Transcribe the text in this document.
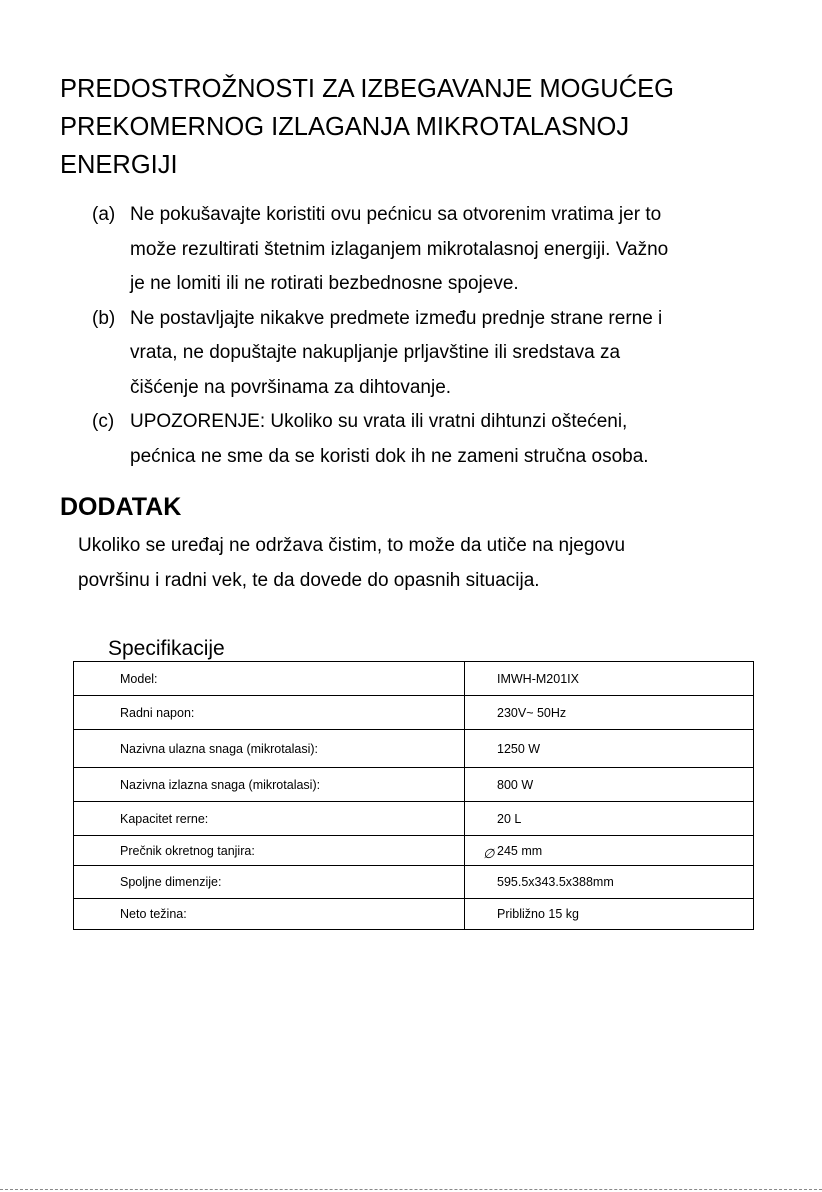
PREDOSTROŽNOSTI ZA IZBEGAVANJE MOGUĆEG
PREKOMERNOG IZLAGANJA MIKROTALASNOJ
ENERGIJI
(a) Ne pokušavajte koristiti ovu pećnicu sa otvorenim vratima jer to
može rezultirati štetnim izlaganjem mikrotalasnoj energiji. Važno
je ne lomiti ili ne rotirati bezbednosne spojeve.
(b) Ne postavljajte nikakve predmete između prednje strane rerne i
vrata, ne dopuštajte nakupljanje prljavštine ili sredstava za
čišćenje na površinama za dihtovanje.
(c) UPOZORENJE: Ukoliko su vrata ili vratni dihtunzi oštećeni,
pećnica ne sme da se koristi dok ih ne zameni stručna osoba.
DODATAK
Ukoliko se uređaj ne održava čistim, to može da utiče na njegovu
površinu i radni vek, te da dovede do opasnih situacija.
Specifikacije
Model:	IMWH-M201IX
Radni napon:	230V~ 50Hz
Nazivna ulazna snaga (mikrotalasi):	1250 W
Nazivna izlazna snaga (mikrotalasi):	800 W
Kapacitet rerne:	20 L
Prečnik okretnog tanjira:	∅ 245 mm

Spoljne dimenzije:	595.5x343.5x388mm
Neto težina:	Približno 15 kg
